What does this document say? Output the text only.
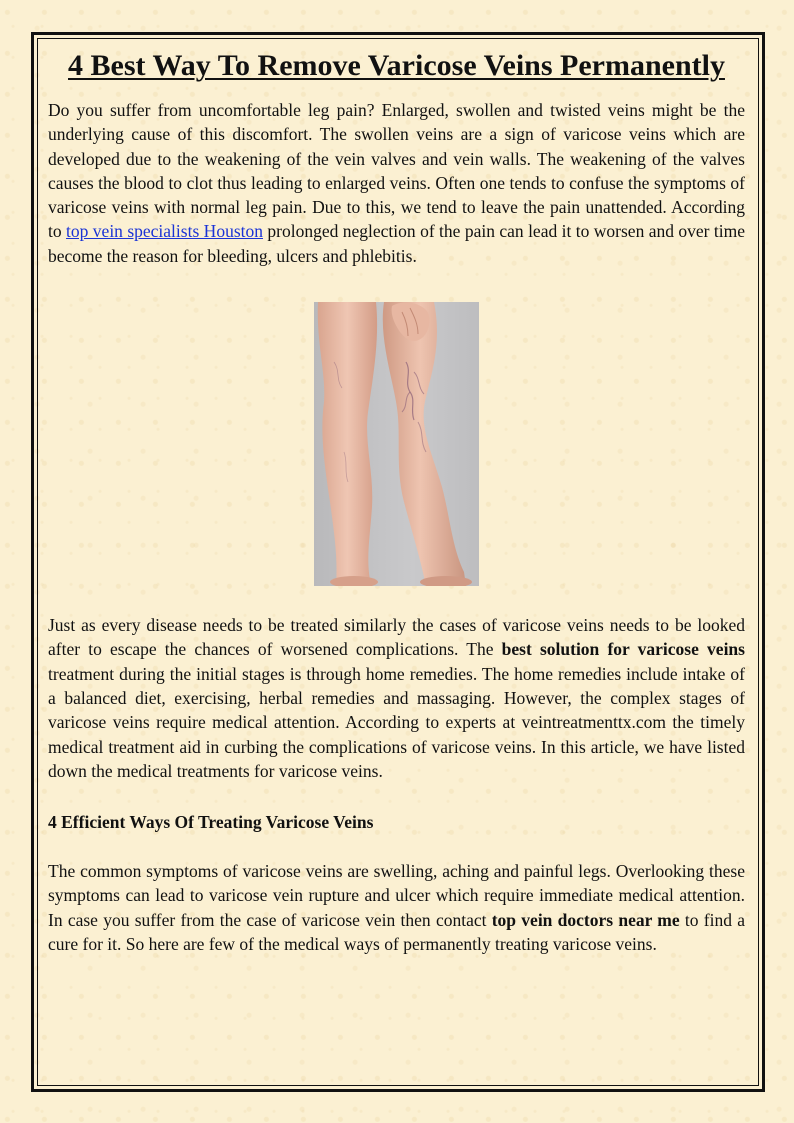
4 Best Way To Remove Varicose Veins Permanently

Do you suffer from uncomfortable leg pain? Enlarged, swollen and twisted veins might be the underlying cause of this discomfort. The swollen veins are a sign of varicose veins which are developed due to the weakening of the vein valves and vein walls. The weakening of the valves causes the blood to clot thus leading to enlarged veins. Often one tends to confuse the symptoms of varicose veins with normal leg pain. Due to this, we tend to leave the pain unattended. According to top vein specialists Houston prolonged neglection of the pain can lead it to worsen and over time become the reason for bleeding, ulcers and phlebitis.

Just as every disease needs to be treated similarly the cases of varicose veins needs to be looked after to escape the chances of worsened complications. The best solution for varicose veins treatment during the initial stages is through home remedies. The home remedies include intake of a balanced diet, exercising, herbal remedies and massaging. However, the complex stages of varicose veins require medical attention. According to experts at veintreatmenttx.com the timely medical treatment aid in curbing the complications of varicose veins. In this article, we have listed down the medical treatments for varicose veins.

4 Efficient Ways Of Treating Varicose Veins

The common symptoms of varicose veins are swelling, aching and painful legs. Overlooking these symptoms can lead to varicose vein rupture and ulcer which require immediate medical attention. In case you suffer from the case of varicose vein then contact top vein doctors near me to find a cure for it. So here are few of the medical ways of permanently treating varicose veins.
